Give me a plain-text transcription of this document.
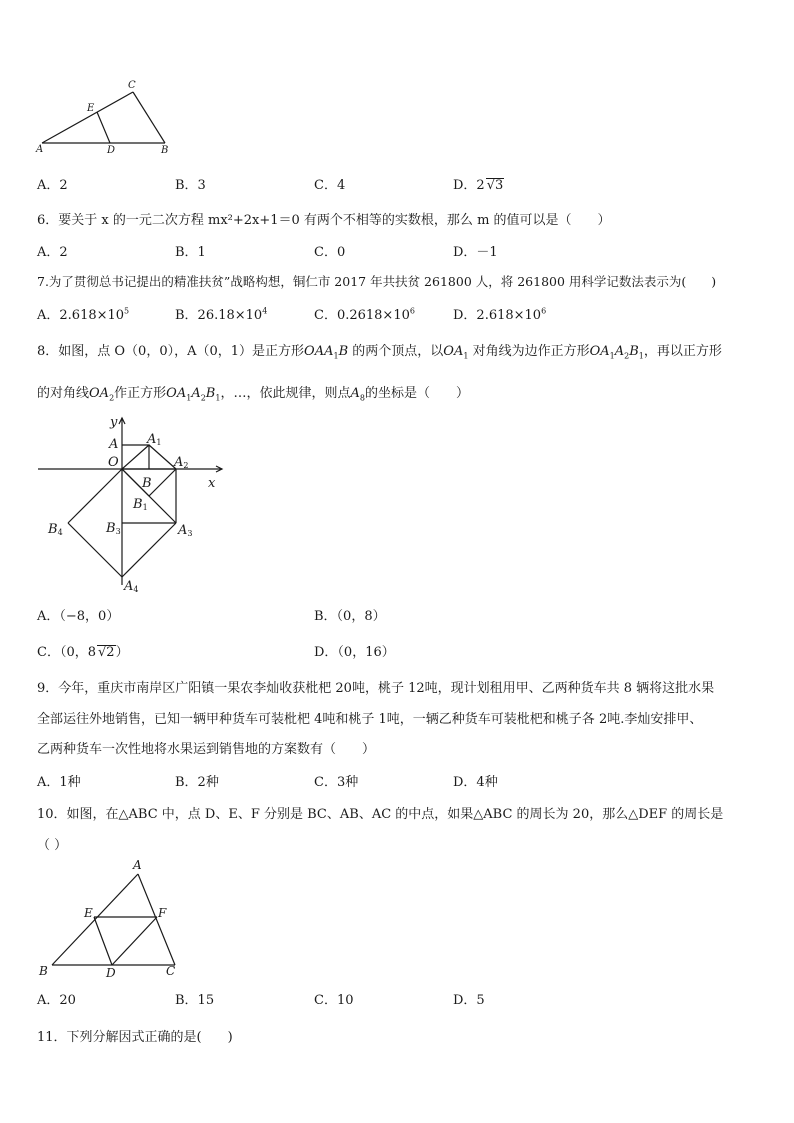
A	B
C
D
E
A．2	B．3	C．4	D．2 √3
6．要关于 x 的一元二次方程 mx²+2x+1＝0 有两个不相等的实数根，那么 m 的值可以是（　　）
A．2	B．1	C．0	D．－1
7.为了贯彻总书记提出的精准扶贫”战略构想，铜仁市 2017 年共扶贫 261800 人，将 261800 用科学记数法表示为(　　)
A．$2.618\times 10^5$	B．$26.18\times 10^4$	C．$0.2618\times 10^6$	D．$2.618\times 10^6$
8．如图，点 O（0，0），A（0，1）是正方形$OAA_1B$ 的两个顶点，以$OA_1$ 对角线为边作正方形$OA_1A_2B_1$，再以正方形
的对角线$OA_2$作正方形$OA_1A_2B_1$，…，依此规律，则点$A_8$的坐标是（　　）
y
x
O
A A1
A2
B
B1
B3	A3
B4
A4
A．（−8，0）	B．（0，8）
C．（0，8 √2）	D．（0，16）
9．今年，重庆市南岸区广阳镇一果农李灿收获枇杷 20吨，桃子 12吨，现计划租用甲、乙两种货车共 8 辆将这批水果
全部运往外地销售，已知一辆甲种货车可装枇杷 4吨和桃子 1吨，一辆乙种货车可装枇杷和桃子各 2吨.李灿安排甲、
乙两种货车一次性地将水果运到销售地的方案数有（　　）
A．1种	B．2种	C．3种	D．4种
10．如图，在△ABC 中，点 D、E、F 分别是 BC、AB、AC 的中点，如果△ABC 的周长为 20，那么△DEF 的周长是
（ ）
A
B	C
D
E	F
A．20	B．15	C．10	D．5
11．下列分解因式正确的是(　　)
